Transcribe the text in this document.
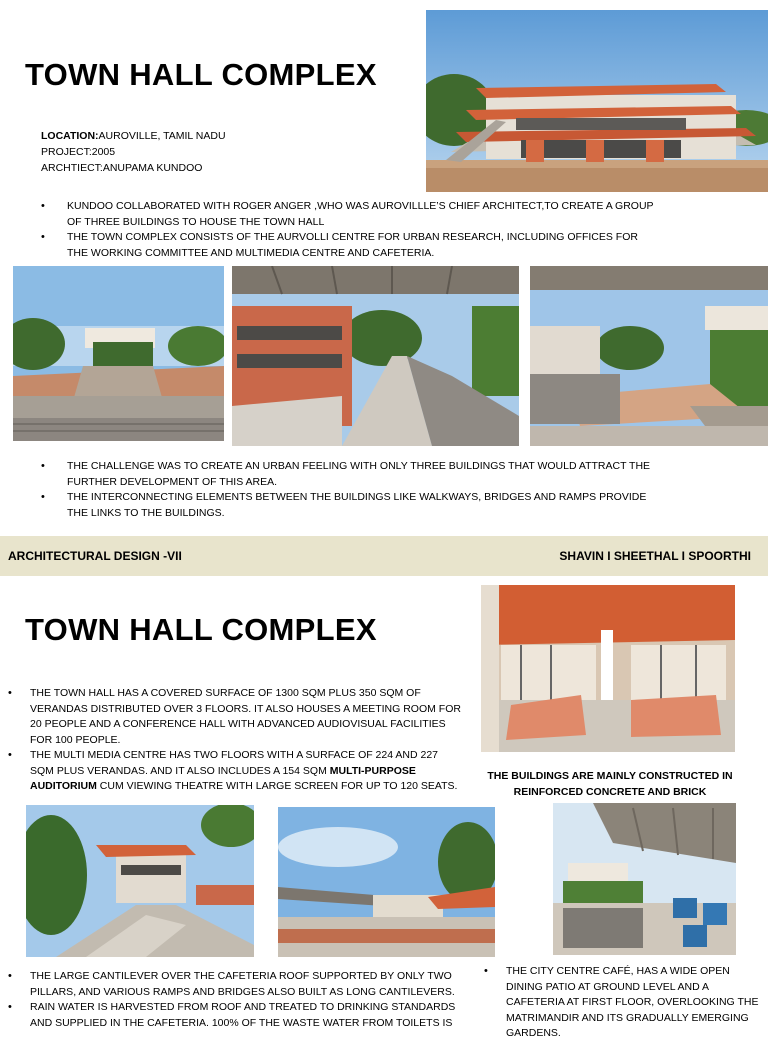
TOWN HALL COMPLEX
LOCATION:AUROVILLE, TAMIL NADU
PROJECT:2005
ARCHTIECT:ANUPAMA KUNDOO
• KUNDOO COLLABORATED WITH ROGER ANGER ,WHO WAS AUROVILLLE’S CHIEF ARCHITECT,TO CREATE A GROUP OF THREE BUILDINGS TO HOUSE THE TOWN HALL
• THE TOWN COMPLEX CONSISTS OF THE AURVOLLI CENTRE FOR URBAN RESEARCH, INCLUDING OFFICES FOR THE WORKING COMMITTEE AND MULTIMEDIA CENTRE AND CAFETERIA.
• THE CHALLENGE WAS TO CREATE AN URBAN FEELING WITH ONLY THREE BUILDINGS THAT WOULD ATTRACT THE FURTHER DEVELOPMENT OF THIS AREA.
• THE INTERCONNECTING ELEMENTS BETWEEN THE BUILDINGS LIKE WALKWAYS, BRIDGES AND RAMPS PROVIDE THE LINKS TO THE BUILDINGS.
ARCHITECTURAL DESIGN -VII	SHAVIN I SHEETHAL I SPOORTHI
TOWN HALL COMPLEX
• THE TOWN HALL HAS A COVERED SURFACE OF 1300 SQM PLUS 350 SQM OF VERANDAS DISTRIBUTED OVER 3 FLOORS. IT ALSO HOUSES A MEETING ROOM FOR 20 PEOPLE AND A CONFERENCE HALL WITH ADVANCED AUDIOVISUAL FACILITIES FOR 100 PEOPLE.
• THE MULTI MEDIA CENTRE HAS TWO FLOORS WITH A SURFACE OF 224 AND 227 SQM PLUS VERANDAS. AND IT ALSO INCLUDES A 154 SQM MULTI-PURPOSE AUDITORIUM CUM VIEWING THEATRE WITH LARGE SCREEN FOR UP TO 120 SEATS.
THE BUILDINGS ARE MAINLY CONSTRUCTED IN REINFORCED CONCRETE AND BRICK
• THE LARGE CANTILEVER OVER THE CAFETERIA ROOF SUPPORTED BY ONLY TWO PILLARS, AND VARIOUS RAMPS AND BRIDGES ALSO BUILT AS LONG CANTILEVERS.
• RAIN WATER IS HARVESTED FROM ROOF AND TREATED TO DRINKING STANDARDS AND SUPPLIED IN THE CAFETERIA. 100% OF THE WASTE WATER FROM TOILETS IS
• THE CITY CENTRE CAFÉ, HAS A WIDE OPEN DINING PATIO AT GROUND LEVEL AND A CAFETERIA AT FIRST FLOOR, OVERLOOKING THE MATRIMANDIR AND ITS GRADUALLY EMERGING GARDENS.
